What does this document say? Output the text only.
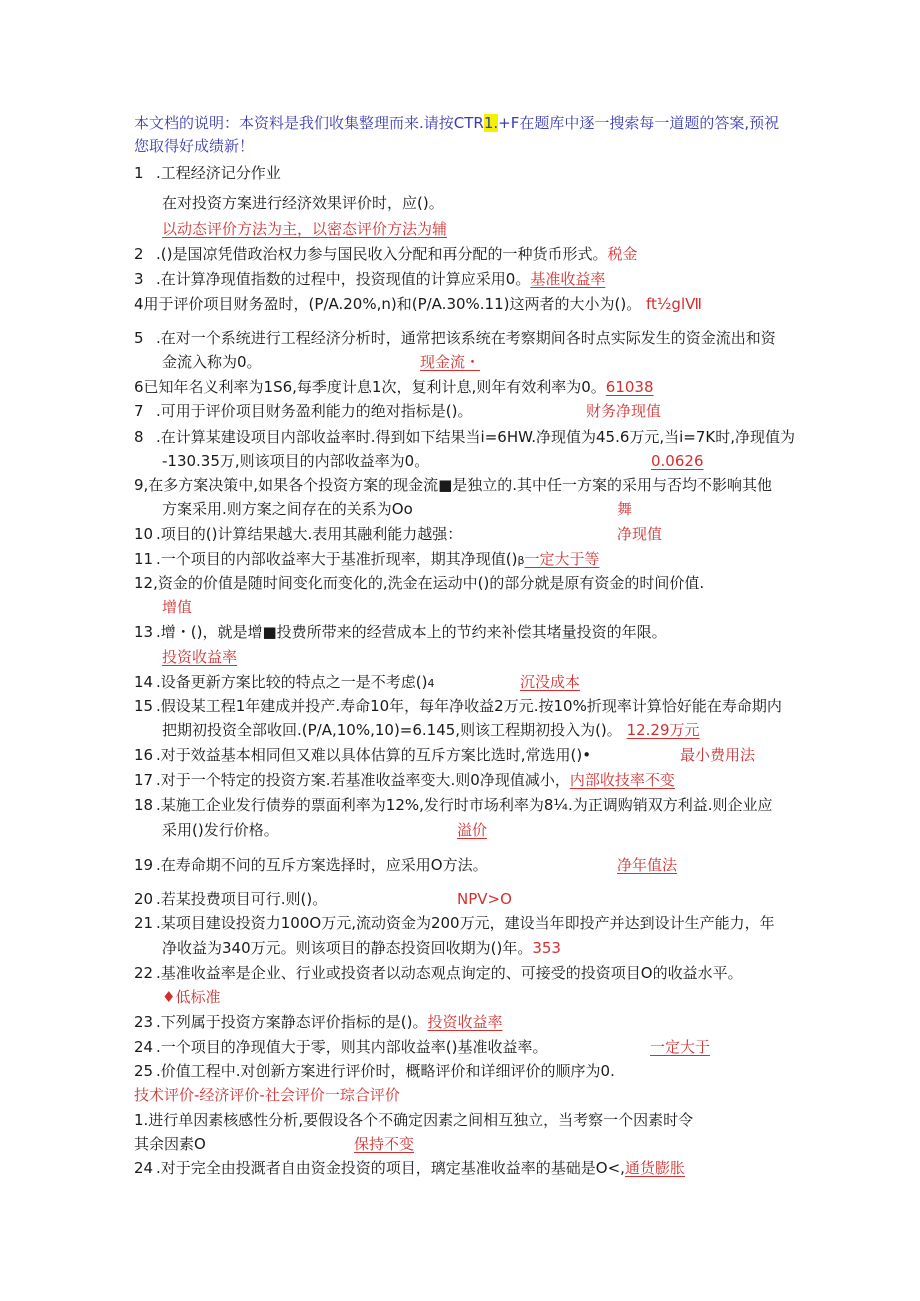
本文档的说明：本资料是我们收集整理而来.请按CTR1.+F在题库中逐一搜索每一道题的答案,预祝
您取得好成绩新！
1 .工程经济记分作业
在对投资方案进行经济效果评价时，应()。
以动态评价方法为主，以密态评价方法为辅
2 .()是国凉凭借政治权力参与国民收入分配和再分配的一种货币形式。税金
3 .在计算净现值指数的过程中，投资现值的计算应采用0。基准收益率
4用于评价项目财务盈时，(P/A.20%,n)和(P/A.30%.11)这两者的大小为()。 ft½glⅦ
5 .在对一个系统进行工程经济分析时，通常把该系统在考察期间各时点实际发生的资金流出和资
金流入称为0。	现金流・
6已知年名义利率为1S6,每季度计息1次，复利计息,则年有效利率为0。61038
7 .可用于评价项目财务盈利能力的绝对指标是()。	财务净现值
8 .在计算某建设项目内部收益率时.得到如下结果当i=6HW.净现值为45.6万元,当i=7K时,净现值为
-130.35万,则该项目的内部收益率为0。	0.0626
9,在多方案决策中,如果各个投资方案的现金流■是独立的.其中任一方案的采用与否均不影响其他
方案采用.则方案之间存在的关系为Oo	舞
10 .项目的()计算结果越大.表用其融利能力越强：	净现值
11 .一个项目的内部收益率大于基准折现率，期其净现值()β一定大于等
12,资金的价值是随时间变化而变化的,洗金在运动中()的部分就是原有资金的时间价值.
增值
13 .增・()，就是增■投费所带来的经营成本上的节约来补偿其堵量投资的年限。
投资收益率
14 .设备更新方案比较的特点之一是不考虑()4	沉没成本
15 .假设某工程1年建成并投产.寿命10年，每年净收益2万元.按10%折现率计算恰好能在寿命期内
把期初投资全部收回.(P/A,10%,10)=6.145,则该工程期初投入为()。 12.29万元
16 .对于效益基本相同但又难以具体估算的互斥方案比选时,常选用()•	最小费用法
17 .对于一个特定的投资方案.若基准收益率变大.则0净现值减小，内部收技率不变
18 .某施工企业发行债券的票面利率为12%,发行时市场利率为8¼.为正调购销双方利益.则企业应
采用()发行价格。	溢价
19 .在寿命期不问的互斥方案选择时，应采用O方法。	净年值法
20 .若某投费项目可行.则()。	NPV>O
21 .某项目建设投资力100O万元,流动资金为200万元，建设当年即投产并达到设计生产能力，年
净收益为340万元。则该项目的静态投资回收期为()年。353
22 .基准收益率是企业、行业或投资者以动态观点询定的、可接受的投资项目O的收益水平。
♦低标准
23 .下列属于投资方案静态评价指标的是()。投资收益率
24 .一个项目的净现值大于零，则其内部收益率()基准收益率。	一定大于
25 .价值工程中.对创新方案进行评价时，概略评价和详细评价的顺序为0.
技术评价-经济评价-社会评价一琮合评价
1.进行单因素核感性分析,要假设各个不确定因素之间相互独立，当考察一个因素时令
其余因素O	保持不变
24 .对于完全由投溉者自由资金投资的项目，璃定基准收益率的基础是O<,通货膨胀
